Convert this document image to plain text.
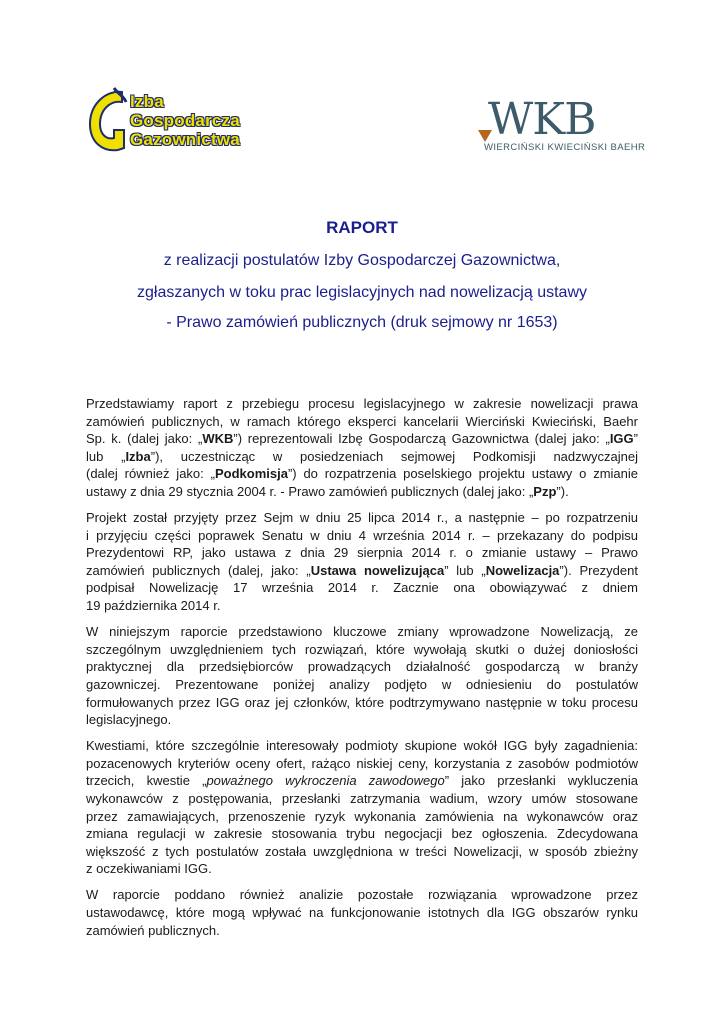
Izba
Gospodarcza
Gazownictwa	WKB
WIERCIŃSKI KWIECIŃSKI BAEHR
RAPORT
z realizacji postulatów Izby Gospodarczej Gazownictwa,
zgłaszanych w toku prac legislacyjnych nad nowelizacją ustawy
- Prawo zamówień publicznych (druk sejmowy nr 1653)
Przedstawiamy raport z przebiegu procesu legislacyjnego w zakresie nowelizacji prawa
zamówień publicznych, w ramach którego eksperci kancelarii Wierciński Kwieciński, Baehr
Sp. k. (dalej jako: „WKB”) reprezentowali Izbę Gospodarczą Gazownictwa (dalej jako: „IGG”
lub „Izba”), uczestnicząc w posiedzeniach sejmowej Podkomisji nadzwyczajnej
(dalej również jako: „Podkomisja”) do rozpatrzenia poselskiego projektu ustawy o zmianie
ustawy z dnia 29 stycznia 2004 r. - Prawo zamówień publicznych (dalej jako: „Pzp”).
Projekt został przyjęty przez Sejm w dniu 25 lipca 2014 r., a następnie – po rozpatrzeniu
i przyjęciu części poprawek Senatu w dniu 4 września 2014 r. – przekazany do podpisu
Prezydentowi RP, jako ustawa z dnia 29 sierpnia 2014 r. o zmianie ustawy – Prawo
zamówień publicznych (dalej, jako: „Ustawa nowelizująca” lub „Nowelizacja”). Prezydent
podpisał Nowelizację 17 września 2014 r. Zacznie ona obowiązywać z dniem
19 października 2014 r.
W niniejszym raporcie przedstawiono kluczowe zmiany wprowadzone Nowelizacją, ze
szczególnym uwzględnieniem tych rozwiązań, które wywołają skutki o dużej doniosłości
praktycznej dla przedsiębiorców prowadzących działalność gospodarczą w branży
gazowniczej. Prezentowane poniżej analizy podjęto w odniesieniu do postulatów
formułowanych przez IGG oraz jej członków, które podtrzymywano następnie w toku procesu
legislacyjnego.
Kwestiami, które szczególnie interesowały podmioty skupione wokół IGG były zagadnienia:
pozacenowych kryteriów oceny ofert, rażąco niskiej ceny, korzystania z zasobów podmiotów
trzecich, kwestie „poważnego wykroczenia zawodowego” jako przesłanki wykluczenia
wykonawców z postępowania, przesłanki zatrzymania wadium, wzory umów stosowane
przez zamawiających, przenoszenie ryzyk wykonania zamówienia na wykonawców oraz
zmiana regulacji w zakresie stosowania trybu negocjacji bez ogłoszenia. Zdecydowana
większość z tych postulatów została uwzględniona w treści Nowelizacji, w sposób zbieżny
z oczekiwaniami IGG.
W raporcie poddano również analizie pozostałe rozwiązania wprowadzone przez
ustawodawcę, które mogą wpływać na funkcjonowanie istotnych dla IGG obszarów rynku
zamówień publicznych.
